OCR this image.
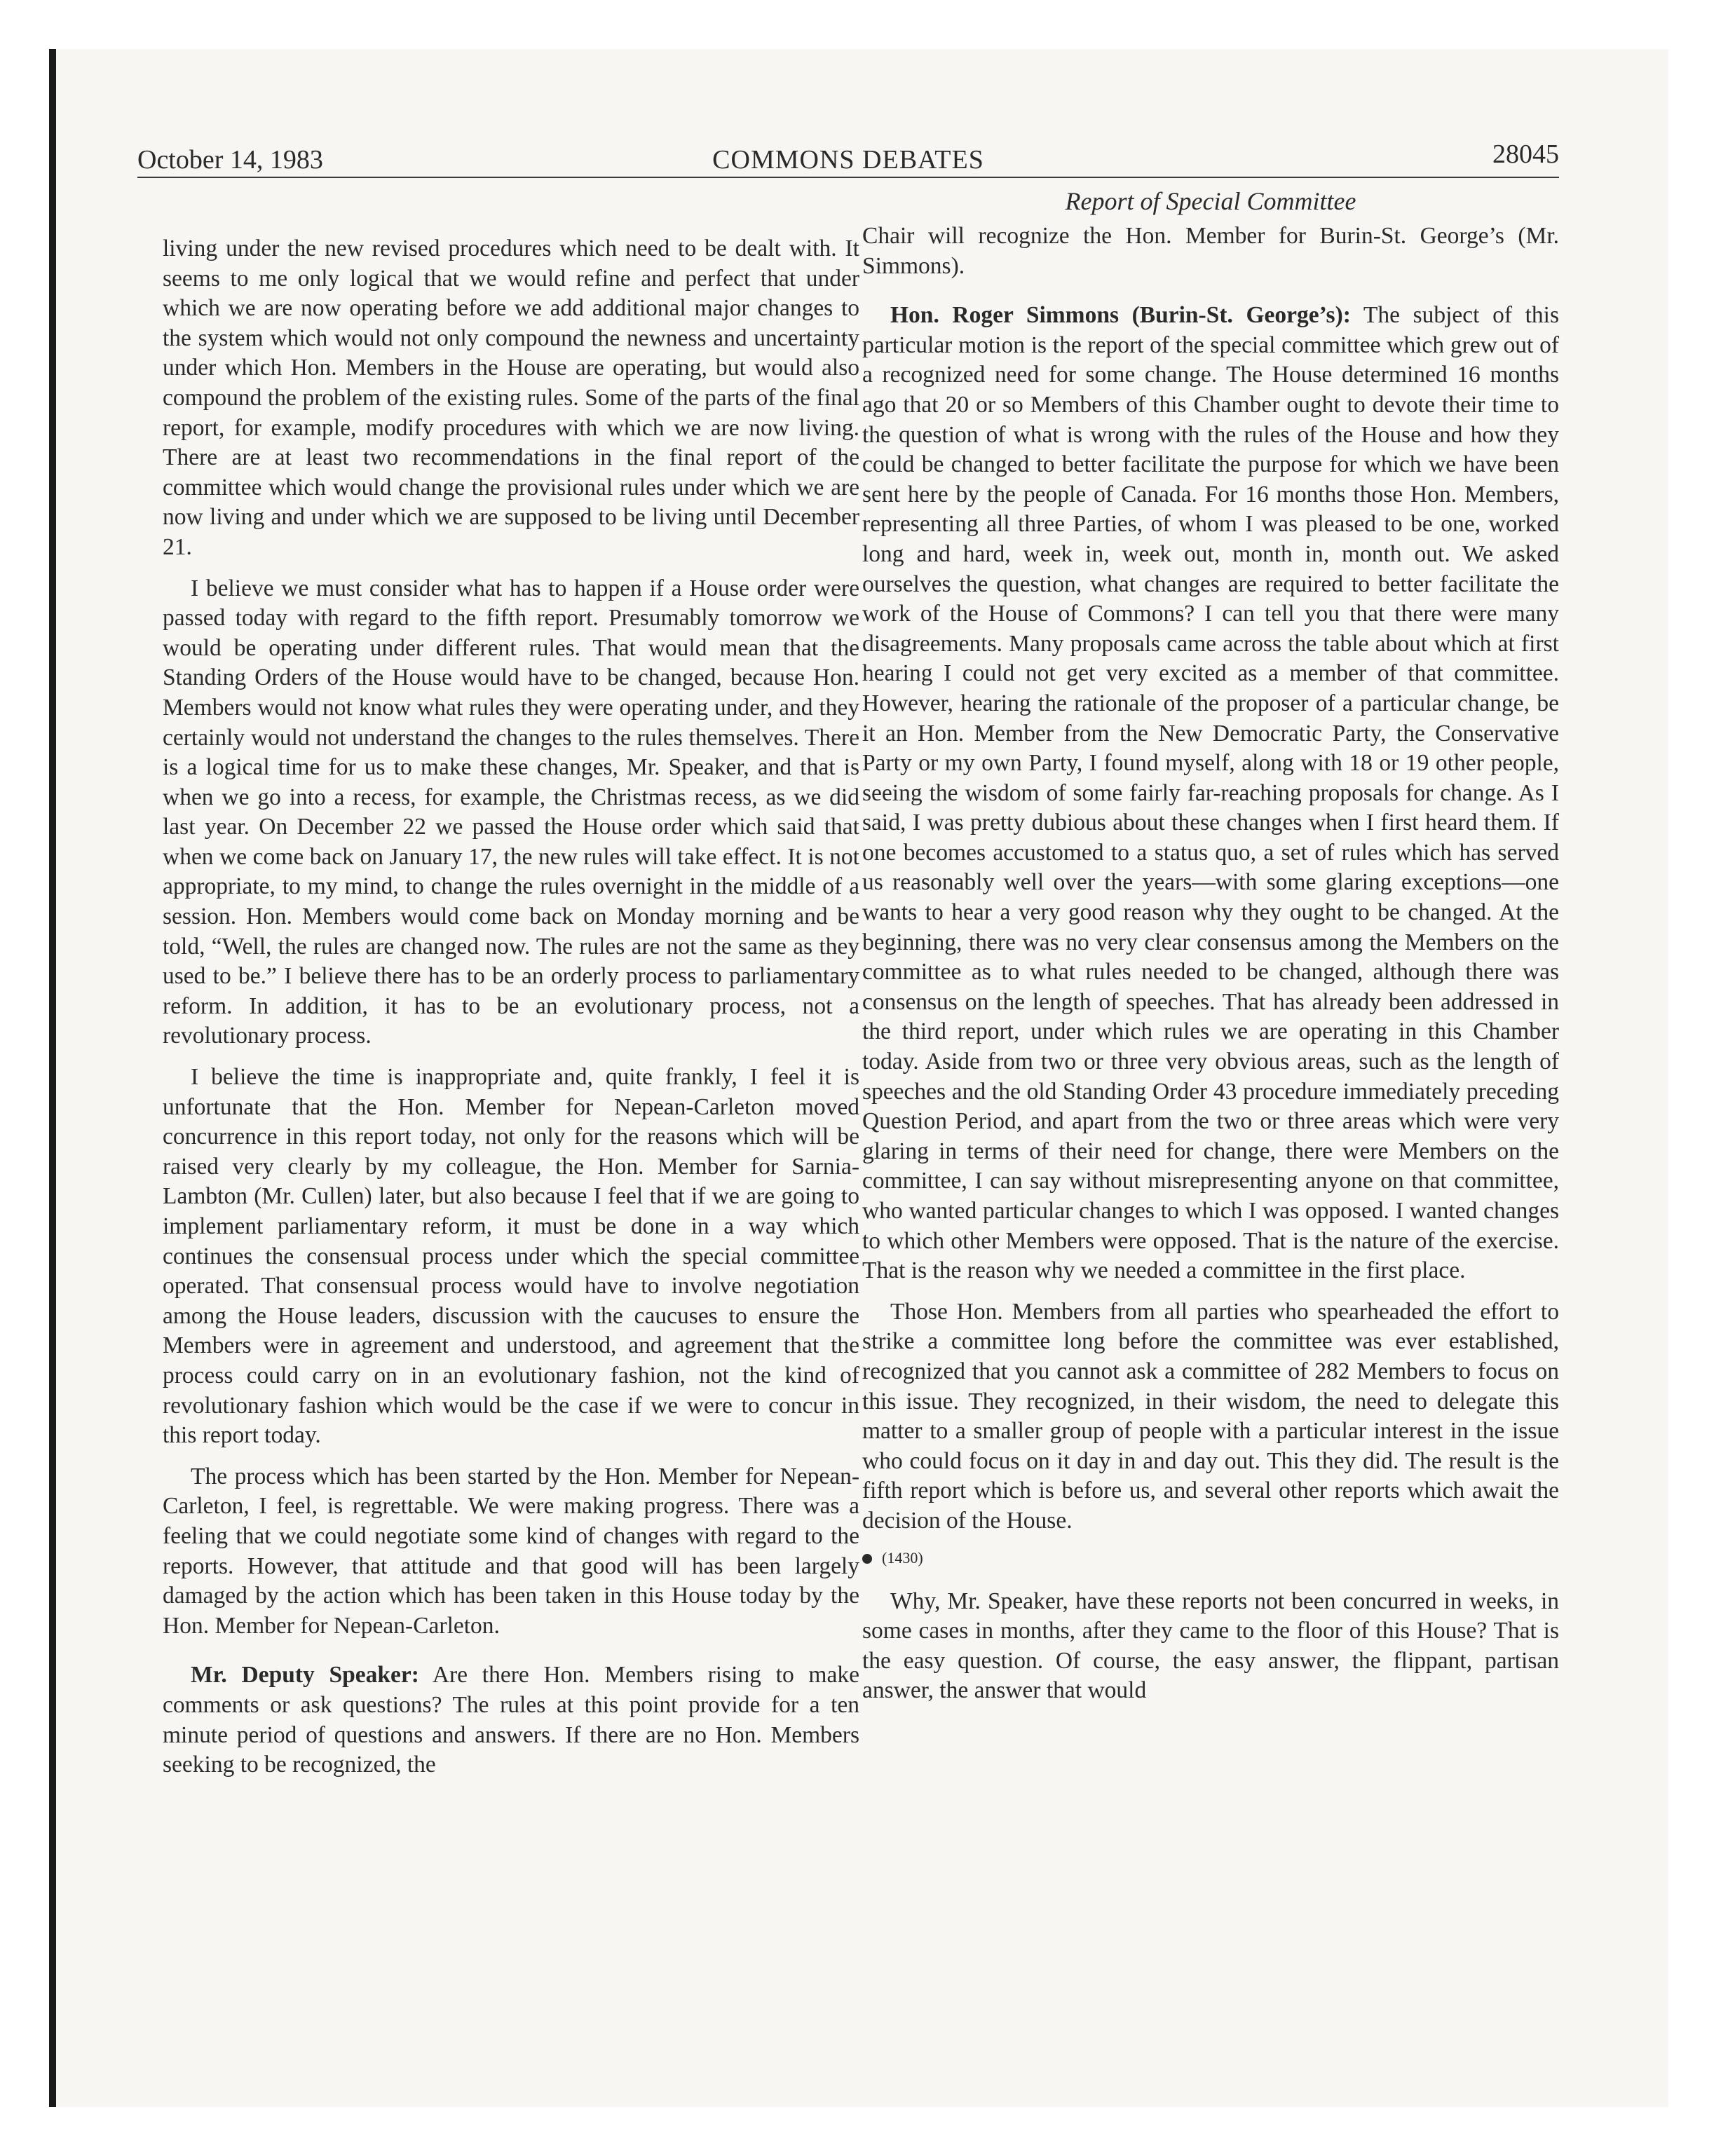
October 14, 1983	COMMONS DEBATES	28045
Report of Special Committee

living under the new revised procedures which need to be dealt with. It seems to me only logical that we would refine and perfect that under which we are now operating before we add additional major changes to the system which would not only compound the newness and uncertainty under which Hon. Members in the House are operating, but would also compound the problem of the existing rules. Some of the parts of the final report, for example, modify procedures with which we are now living. There are at least two recommendations in the final report of the committee which would change the provisional rules under which we are now living and under which we are supposed to be living until December 21.

I believe we must consider what has to happen if a House order were passed today with regard to the fifth report. Presumably tomorrow we would be operating under different rules. That would mean that the Standing Orders of the House would have to be changed, because Hon. Members would not know what rules they were operating under, and they certainly would not understand the changes to the rules themselves. There is a logical time for us to make these changes, Mr. Speaker, and that is when we go into a recess, for example, the Christmas recess, as we did last year. On December 22 we passed the House order which said that when we come back on January 17, the new rules will take effect. It is not appropriate, to my mind, to change the rules overnight in the middle of a session. Hon. Members would come back on Monday morning and be told, “Well, the rules are changed now. The rules are not the same as they used to be.” I believe there has to be an orderly process to parliamentary reform. In addition, it has to be an evolutionary process, not a revolutionary process.

I believe the time is inappropriate and, quite frankly, I feel it is unfortunate that the Hon. Member for Nepean-Carleton moved concurrence in this report today, not only for the reasons which will be raised very clearly by my colleague, the Hon. Member for Sarnia-Lambton (Mr. Cullen) later, but also because I feel that if we are going to implement parliamentary reform, it must be done in a way which continues the consensual process under which the special committee operated. That consensual process would have to involve negotiation among the House leaders, discussion with the caucuses to ensure the Members were in agreement and understood, and agreement that the process could carry on in an evolutionary fashion, not the kind of revolutionary fashion which would be the case if we were to concur in this report today.

The process which has been started by the Hon. Member for Nepean-Carleton, I feel, is regrettable. We were making progress. There was a feeling that we could negotiate some kind of changes with regard to the reports. However, that attitude and that good will has been largely damaged by the action which has been taken in this House today by the Hon. Member for Nepean-Carleton.

Mr. Deputy Speaker: Are there Hon. Members rising to make comments or ask questions? The rules at this point provide for a ten minute period of questions and answers. If there are no Hon. Members seeking to be recognized, the

Chair will recognize the Hon. Member for Burin-St. George’s (Mr. Simmons).

Hon. Roger Simmons (Burin-St. George’s): The subject of this particular motion is the report of the special committee which grew out of a recognized need for some change. The House determined 16 months ago that 20 or so Members of this Chamber ought to devote their time to the question of what is wrong with the rules of the House and how they could be changed to better facilitate the purpose for which we have been sent here by the people of Canada. For 16 months those Hon. Members, representing all three Parties, of whom I was pleased to be one, worked long and hard, week in, week out, month in, month out. We asked ourselves the question, what changes are required to better facilitate the work of the House of Commons? I can tell you that there were many disagreements. Many proposals came across the table about which at first hearing I could not get very excited as a member of that committee. However, hearing the rationale of the proposer of a particular change, be it an Hon. Member from the New Democratic Party, the Conservative Party or my own Party, I found myself, along with 18 or 19 other people, seeing the wisdom of some fairly far-reaching proposals for change. As I said, I was pretty dubious about these changes when I first heard them. If one becomes accustomed to a status quo, a set of rules which has served us reasonably well over the years—with some glaring exceptions—one wants to hear a very good reason why they ought to be changed. At the beginning, there was no very clear consensus among the Members on the committee as to what rules needed to be changed, although there was consensus on the length of speeches. That has already been addressed in the third report, under which rules we are operating in this Chamber today. Aside from two or three very obvious areas, such as the length of speeches and the old Standing Order 43 procedure immediately preceding Question Period, and apart from the two or three areas which were very glaring in terms of their need for change, there were Members on the committee, I can say without misrepresenting anyone on that committee, who wanted particular changes to which I was opposed. I wanted changes to which other Members were opposed. That is the nature of the exercise. That is the reason why we needed a committee in the first place.

Those Hon. Members from all parties who spearheaded the effort to strike a committee long before the committee was ever established, recognized that you cannot ask a committee of 282 Members to focus on this issue. They recognized, in their wisdom, the need to delegate this matter to a smaller group of people with a particular interest in the issue who could focus on it day in and day out. This they did. The result is the fifth report which is before us, and several other reports which await the decision of the House.

(1430)

Why, Mr. Speaker, have these reports not been concurred in weeks, in some cases in months, after they came to the floor of this House? That is the easy question. Of course, the easy answer, the flippant, partisan answer, the answer that would
